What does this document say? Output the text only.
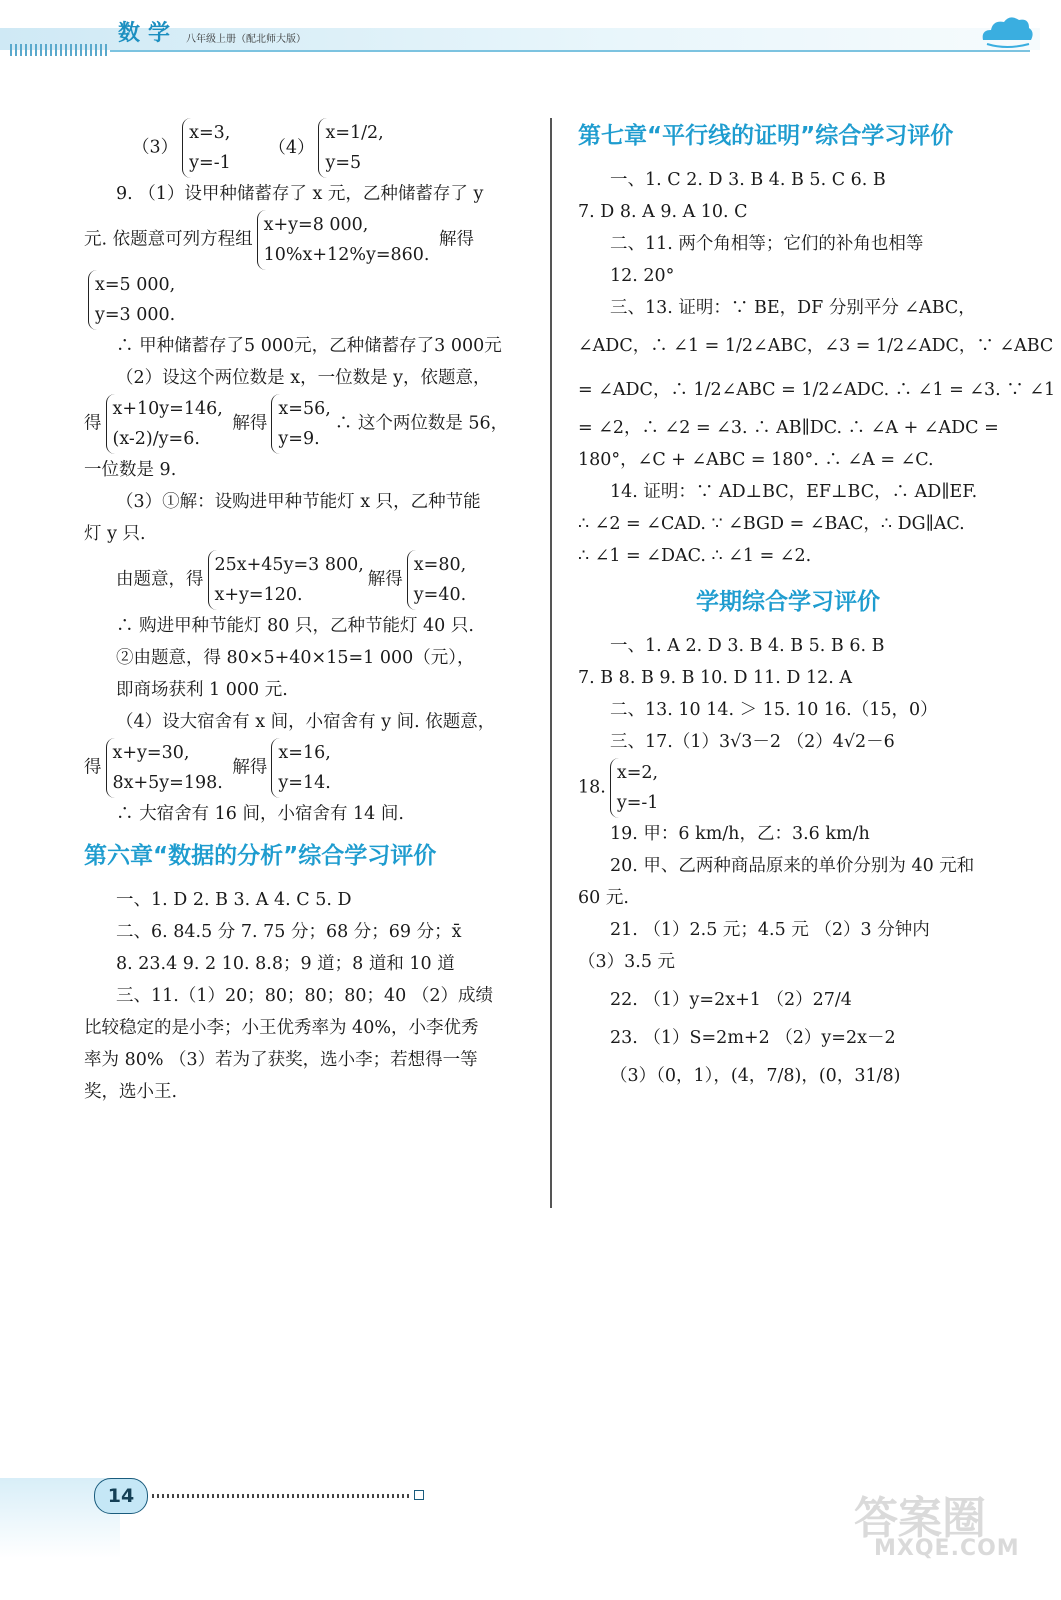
数学 八年级上册（配北师大版）
（3）
x=3,
y=-1
（4）
x=1/2,
y=5
9. （1）设甲种储蓄存了 x 元，乙种储蓄存了 y
元. 依题意可列方程组
x+y=8 000,
10%x+12%y=860.
解得
x=5 000,
y=3 000.
∴ 甲种储蓄存了5 000元，乙种储蓄存了3 000元
（2）设这个两位数是 x，一位数是 y，依题意，
得
x+10y=146,
(x-2)/y=6.
解得
x=56,
y=9.
∴ 这个两位数是 56，
一位数是 9.
（3）①解：设购进甲种节能灯 x 只，乙种节能
灯 y 只.
由题意，得
25x+45y=3 800,
x+y=120.
解得
x=80,
y=40.
∴ 购进甲种节能灯 80 只，乙种节能灯 40 只.
②由题意，得 80×5+40×15=1 000（元），
即商场获利 1 000 元.
（4）设大宿舍有 x 间，小宿舍有 y 间. 依题意，
得
x+y=30,
8x+5y=198.
解得
x=16,
y=14.
∴ 大宿舍有 16 间，小宿舍有 14 间.
第六章“数据的分析”综合学习评价
一、1. D 2. B 3. A 4. C 5. D
二、6. 84.5 分 7. 75 分；68 分；69 分；x̄
8. 23.4 9. 2 10. 8.8；9 道；8 道和 10 道
三、11.（1）20；80；80；80；40 （2）成绩
比较稳定的是小李；小王优秀率为 40%，小李优秀
率为 80% （3）若为了获奖，选小李；若想得一等
奖，选小王.
第七章“平行线的证明”综合学习评价
一、1. C 2. D 3. B 4. B 5. C 6. B
7. D 8. A 9. A 10. C
二、11. 两个角相等；它们的补角也相等
12. 20°
三、13. 证明：∵ BE，DF 分别平分 ∠ABC，
∠ADC，∴ ∠1 = 1/2∠ABC，∠3 = 1/2∠ADC，∵ ∠ABC
= ∠ADC，∴ 1/2∠ABC = 1/2∠ADC. ∴ ∠1 = ∠3. ∵ ∠1
= ∠2，∴ ∠2 = ∠3. ∴ AB∥DC. ∴ ∠A + ∠ADC =
180°，∠C + ∠ABC = 180°. ∴ ∠A = ∠C.
14. 证明：∵ AD⊥BC，EF⊥BC，∴ AD∥EF.
∴ ∠2 = ∠CAD. ∵ ∠BGD = ∠BAC，∴ DG∥AC.
∴ ∠1 = ∠DAC. ∴ ∠1 = ∠2.
学期综合学习评价
一、1. A 2. D 3. B 4. B 5. B 6. B
7. B 8. B 9. B 10. D 11. D 12. A
二、13. 10 14. ＞ 15. 10 16.（15，0）
三、17.（1）3√3－2 （2）4√2－6
18.
x=2,
y=-1
19. 甲：6 km/h，乙：3.6 km/h
20. 甲、乙两种商品原来的单价分别为 40 元和
60 元.
21. （1）2.5 元；4.5 元 （2）3 分钟内
（3）3.5 元
22. （1）y=2x+1 （2）27/4
23. （1）S=2m+2 （2）y=2x－2
（3）（0，1），(4，7/8)，(0，31/8)
14	答案圈
MXQE.COM
